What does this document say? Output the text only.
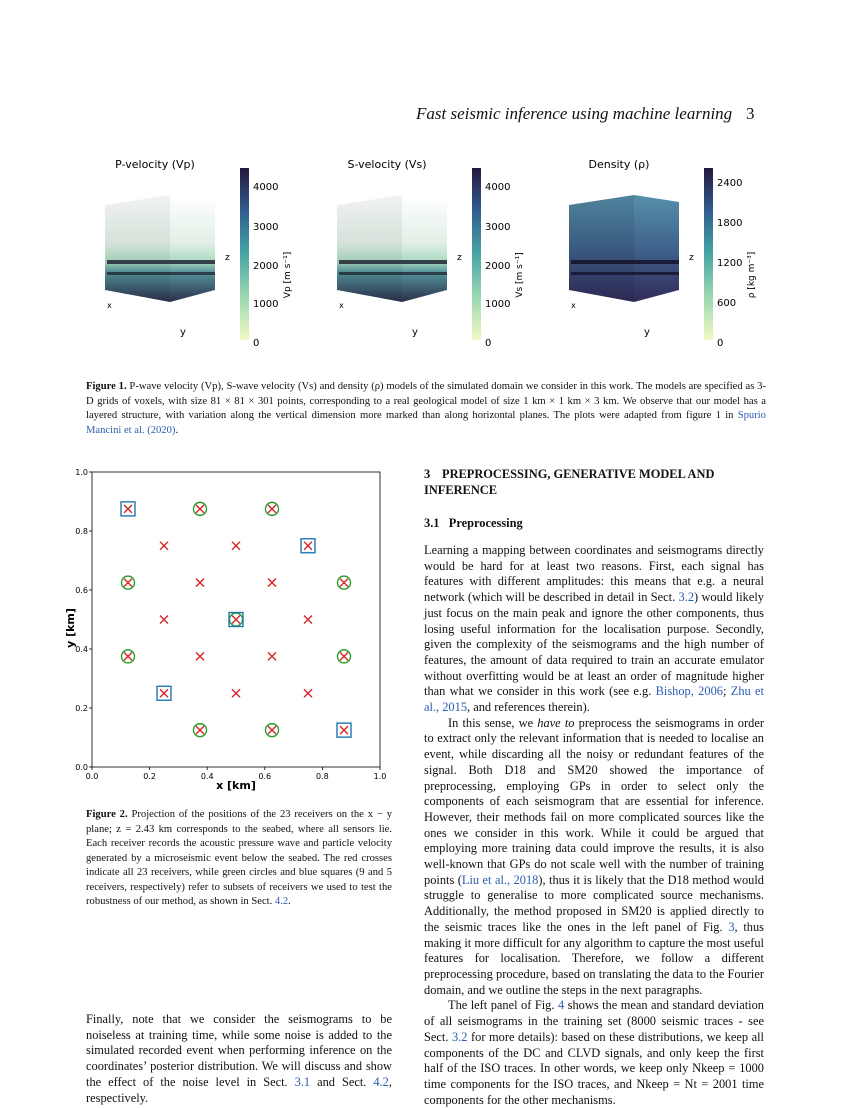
Fast seismic inference using machine learning 3
P-velocity (Vp)
x
y
z
4000
3000
2000
1000
0
Vp [m s⁻¹]
S-velocity (Vs)
x
y
z
4000
3000
2000
1000
0
Vs [m s⁻¹]
Density (ρ)
x
y
z
2400
1800
1200
600
0
ρ [kg m⁻³]
Figure 1. P-wave velocity (Vp), S-wave velocity (Vs) and density (ρ) models of the simulated domain we consider in this work. The models are specified as 3-D grids of voxels, with size 81 × 81 × 301 points, corresponding to a real geological model of size 1 km × 1 km × 3 km. We observe that our model has a layered structure, with variation along the vertical dimension more marked than along horizontal planes. The plots were adapted from figure 1 in Spurio Mancini et al. (2020).
0.0	0.2	0.4	0.6	0.8	1.0
0.0
0.2
0.4
0.6
0.8
1.0
x [km]
y [km]
Figure 2. Projection of the positions of the 23 receivers on the x − y plane; z = 2.43 km corresponds to the seabed, where all sensors lie. Each receiver records the acoustic pressure wave and particle velocity generated by a microseismic event below the seabed. The red crosses indicate all 23 receivers, while green circles and blue squares (9 and 5 receivers, respectively) refer to subsets of receivers we used to test the robustness of our method, as shown in Sect. 4.2.
Finally, note that we consider the seismograms to be noiseless at training time, while some noise is added to the simulated recorded event when performing inference on the coordinates’ posterior distribution. We will discuss and show the effect of the noise level in Sect. 3.1 and Sect. 4.2, respectively.
3 PREPROCESSING, GENERATIVE MODEL AND INFERENCE
3.1 Preprocessing
Learning a mapping between coordinates and seismograms directly would be hard for at least two reasons. First, each signal has features with different amplitudes: this means that e.g. a neural network (which will be described in detail in Sect. 3.2) would likely just focus on the main peak and ignore the other components, thus losing useful information for the localisation purpose. Secondly, given the complexity of the seismograms and the high number of features, the amount of data required to train an accurate emulator without overfitting would be at least an order of magnitude higher than what we consider in this work (see e.g. Bishop, 2006; Zhu et al., 2015, and references therein).
In this sense, we have to preprocess the seismograms in order to extract only the relevant information that is needed to localise an event, while discarding all the noisy or redundant features of the signal. Both D18 and SM20 showed the importance of preprocessing, employing GPs in order to select only the components of each seismogram that are essential for inference. However, their methods fail on more complicated sources like the ones we consider in this work. While it could be argued that employing more training data could improve the results, it is also well-known that GPs do not scale well with the number of training points (Liu et al., 2018), thus it is likely that the D18 method would struggle to generalise to more complicated source mechanisms. Additionally, the method proposed in SM20 is applied directly to the seismic traces like the ones in the left panel of Fig. 3, thus making it more difficult for any algorithm to capture the most useful features for localisation. Therefore, we follow a different preprocessing procedure, based on translating the data to the Fourier domain, and we outline the steps in the next paragraphs.
The left panel of Fig. 4 shows the mean and standard deviation of all seismograms in the training set (8000 seismic traces - see Sect. 3.2 for more details): based on these distributions, we keep all components of the DC and CLVD signals, and only keep the first half of the ISO traces. In other words, we keep only Nkeep = 1000 time components for the ISO traces, and Nkeep = Nt = 2001 time components for the other mechanisms.
